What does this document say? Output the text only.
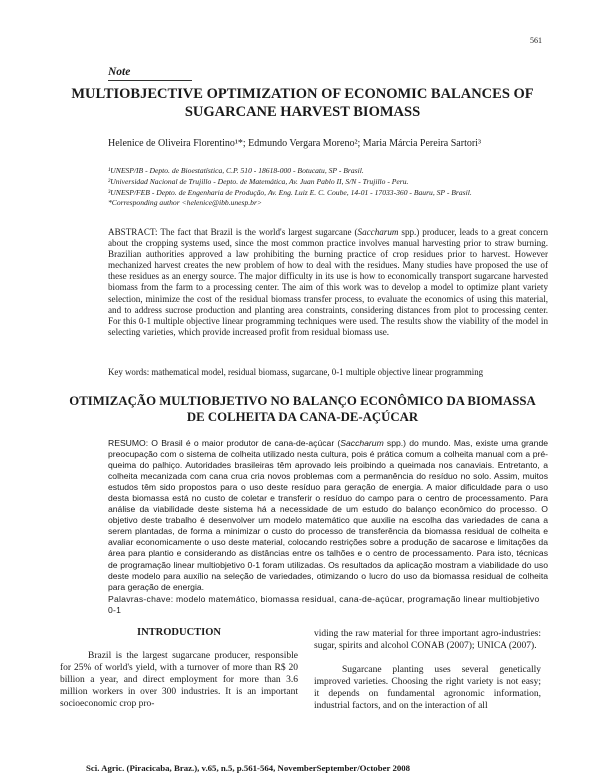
561
Note
MULTIOBJECTIVE OPTIMIZATION OF ECONOMIC BALANCES OF SUGARCANE HARVEST BIOMASS
Helenice de Oliveira Florentino¹*; Edmundo Vergara Moreno²; Maria Márcia Pereira Sartori³
¹UNESP/IB - Depto. de Bioestatística, C.P. 510 - 18618-000 - Botucatu, SP - Brasil.
²Universidad Nacional de Trujillo - Depto. de Matemática, Av. Juan Pablo II, S/N - Trujillo - Peru.
³UNESP/FEB - Depto. de Engenharia de Produção, Av. Eng. Luiz E. C. Coube, 14-01 - 17033-360 - Bauru, SP - Brasil.
*Corresponding author <helenice@ibb.unesp.br>
ABSTRACT: The fact that Brazil is the world's largest sugarcane (Saccharum spp.) producer, leads to a great concern about the cropping systems used, since the most common practice involves manual harvesting prior to straw burning. Brazilian authorities approved a law prohibiting the burning practice of crop residues prior to harvest. However mechanized harvest creates the new problem of how to deal with the residues. Many studies have proposed the use of these residues as an energy source. The major difficulty in its use is how to economically transport sugarcane harvested biomass from the farm to a processing center. The aim of this work was to develop a model to optimize plant variety selection, minimize the cost of the residual biomass transfer process, to evaluate the economics of using this material, and to address sucrose production and planting area constraints, considering distances from plot to processing center. For this 0-1 multiple objective linear programming techniques were used. The results show the viability of the model in selecting varieties, which provide increased profit from residual biomass use.
Key words: mathematical model, residual biomass, sugarcane, 0-1 multiple objective linear programming
OTIMIZAÇÃO MULTIOBJETIVO NO BALANÇO ECONÔMICO DA BIOMASSA DE COLHEITA DA CANA-DE-AÇÚCAR
RESUMO: O Brasil é o maior produtor de cana-de-açúcar (Saccharum spp.) do mundo. Mas, existe uma grande preocupação com o sistema de colheita utilizado nesta cultura, pois é prática comum a colheita manual com a pré-queima do palhiço. Autoridades brasileiras têm aprovado leis proibindo a queimada nos canaviais. Entretanto, a colheita mecanizada com cana crua cria novos problemas com a permanência do resíduo no solo. Assim, muitos estudos têm sido propostos para o uso deste resíduo para geração de energia. A maior dificuldade para o uso desta biomassa está no custo de coletar e transferir o resíduo do campo para o centro de processamento. Para análise da viabilidade deste sistema há a necessidade de um estudo do balanço econômico do processo. O objetivo deste trabalho é desenvolver um modelo matemático que auxilie na escolha das variedades de cana a serem plantadas, de forma a minimizar o custo do processo de transferência da biomassa residual de colheita e avaliar economicamente o uso deste material, colocando restrições sobre a produção de sacarose e limitações da área para plantio e considerando as distâncias entre os talhões e o centro de processamento. Para isto, técnicas de programação linear multiobjetivo 0-1 foram utilizadas. Os resultados da aplicação mostram a viabilidade do uso deste modelo para auxílio na seleção de variedades, otimizando o lucro do uso da biomassa residual de colheita para geração de energia.
Palavras-chave: modelo matemático, biomassa residual, cana-de-açúcar, programação linear multiobjetivo 0-1
INTRODUCTION

Brazil is the largest sugarcane producer, responsible for 25% of world's yield, with a turnover of more than R$ 20 billion a year, and direct employment for more than 3.6 million workers in over 300 industries. It is an important socioeconomic crop pro-

viding the raw material for three important agro-industries: sugar, spirits and alcohol CONAB (2007); UNICA (2007).

Sugarcane planting uses several genetically improved varieties. Choosing the right variety is not easy; it depends on fundamental agronomic information, industrial factors, and on the interaction of all

Sci. Agric. (Piracicaba, Braz.), v.65, n.5, p.561-564, NovemberSeptember/October 2008
